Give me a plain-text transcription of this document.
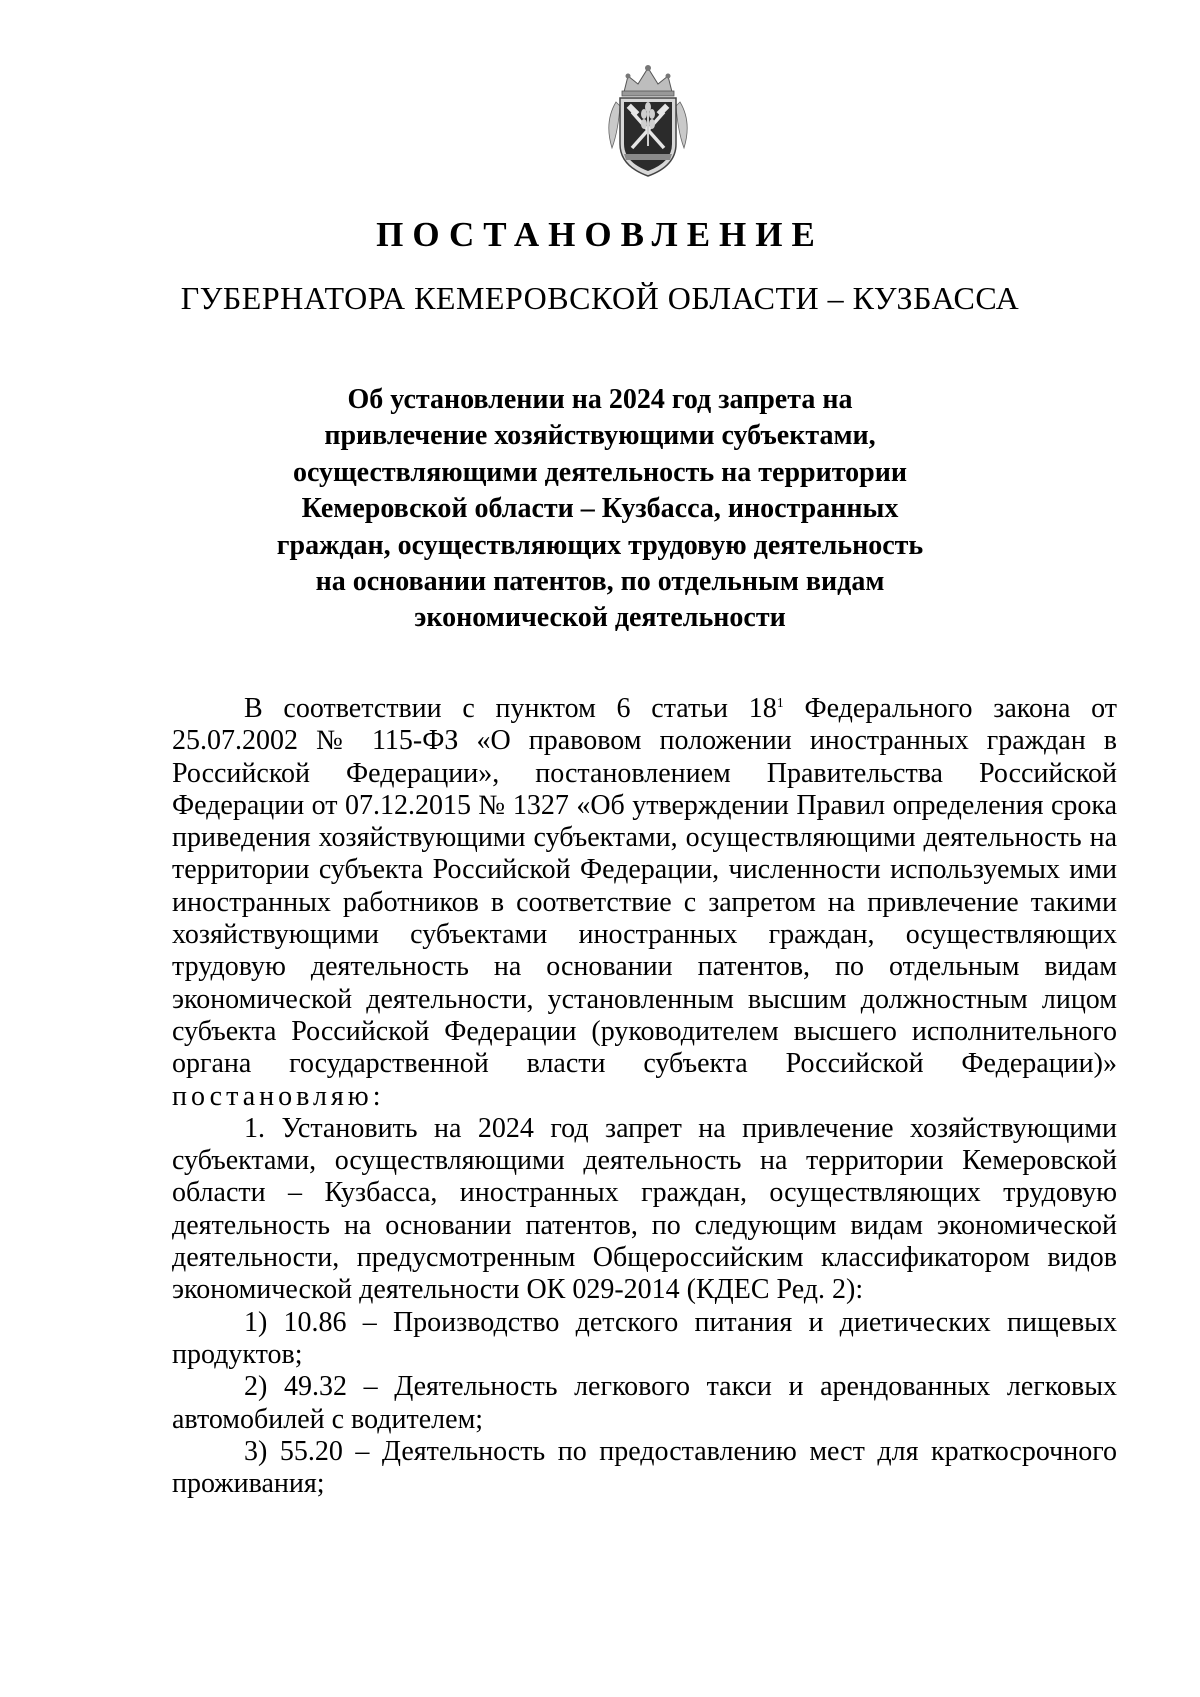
ПОСТАНОВЛЕНИЕ
ГУБЕРНАТОРА КЕМЕРОВСКОЙ ОБЛАСТИ – КУЗБАССА
Об установлении на 2024 год запрета на
привлечение хозяйствующими субъектами,
осуществляющими деятельность на территории
Кемеровской области – Кузбасса, иностранных
граждан, осуществляющих трудовую деятельность
на основании патентов, по отдельным видам
экономической деятельности

В соответствии с пунктом 6 статьи $18^1$ Федерального закона от 25.07.2002 № 115-ФЗ «О правовом положении иностранных граждан в Российской Федерации», постановлением Правительства Российской Федерации от 07.12.2015 № 1327 «Об утверждении Правил определения срока приведения хозяйствующими субъектами, осуществляющими деятельность на территории субъекта Российской Федерации, численности используемых ими иностранных работников в соответствие с запретом на привлечение такими хозяйствующими субъектами иностранных граждан, осуществляющих трудовую деятельность на основании патентов, по отдельным видам экономической деятельности, установленным высшим должностным лицом субъекта Российской Федерации (руководителем высшего исполнительного органа государственной власти субъекта Российской Федерации)» постановляю:

1. Установить на 2024 год запрет на привлечение хозяйствующими субъектами, осуществляющими деятельность на территории Кемеровской области – Кузбасса, иностранных граждан, осуществляющих трудовую деятельность на основании патентов, по следующим видам экономической деятельности, предусмотренным Общероссийским классификатором видов экономической деятельности ОК 029-2014 (КДЕС Ред. 2):

1) 10.86 – Производство детского питания и диетических пищевых продуктов;

2) 49.32 – Деятельность легкового такси и арендованных легковых автомобилей с водителем;

3) 55.20 – Деятельность по предоставлению мест для краткосрочного проживания;
